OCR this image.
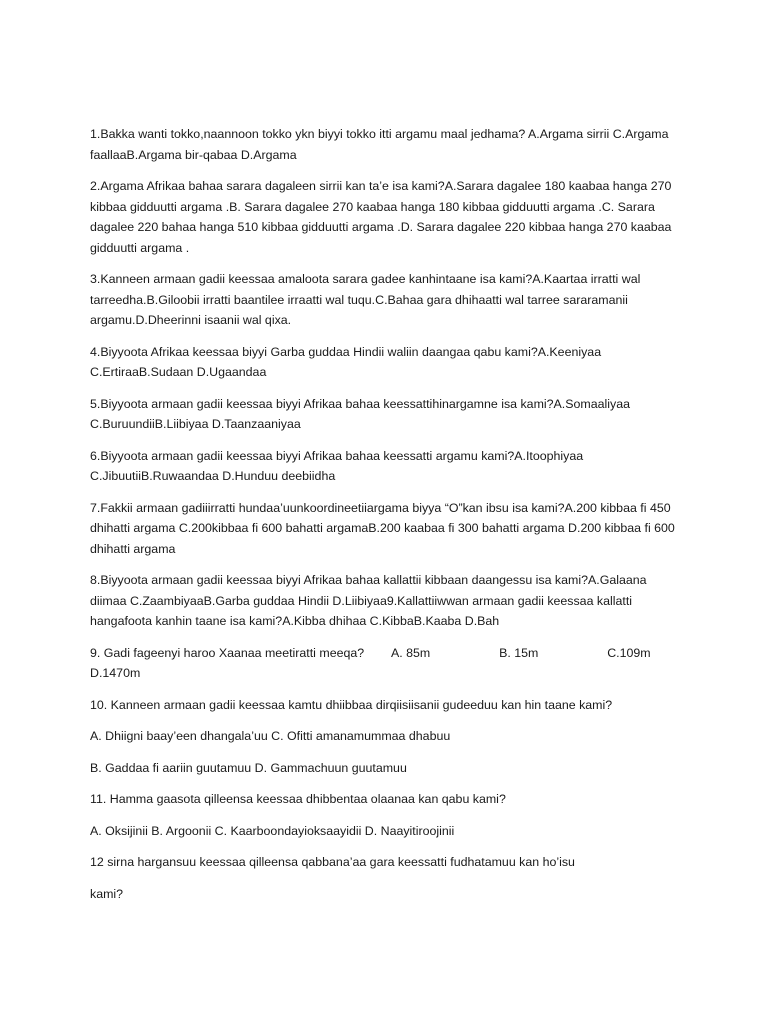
1.Bakka wanti tokko,naannoon tokko ykn biyyi tokko itti argamu maal jedhama? A.Argama sirrii C.Argama faallaaB.Argama bir-qabaa D.Argama

2.Argama Afrikaa bahaa sarara dagaleen sirrii kan ta’e isa kami?A.Sarara dagalee 180 kaabaa hanga 270 kibbaa gidduutti argama .B. Sarara dagalee 270 kaabaa hanga 180 kibbaa gidduutti argama .C. Sarara dagalee 220 bahaa hanga 510 kibbaa gidduutti argama .D. Sarara dagalee 220 kibbaa hanga 270 kaabaa gidduutti argama .

3.Kanneen armaan gadii keessaa amaloota sarara gadee kanhintaane isa kami?A.Kaartaa irratti wal tarreedha.B.Giloobii irratti baantilee irraatti wal tuqu.C.Bahaa gara dhihaatti wal tarree sararamanii argamu.D.Dheerinni isaanii wal qixa.

4.Biyyoota Afrikaa keessaa biyyi Garba guddaa Hindii waliin daangaa qabu kami?A.Keeniyaa C.ErtiraaB.Sudaan D.Ugaandaa

5.Biyyoota armaan gadii keessaa biyyi Afrikaa bahaa keessattihinargamne isa kami?A.Somaaliyaa C.BuruundiiB.Liibiyaa D.Taanzaaniyaa

6.Biyyoota armaan gadii keessaa biyyi Afrikaa bahaa keessatti argamu kami?A.Itoophiyaa C.JibuutiiB.Ruwaandaa D.Hunduu deebiidha

7.Fakkii armaan gadiiirratti hundaa’uunkoordineetiiargama biyya “O”kan ibsu isa kami?A.200 kibbaa fi 450 dhihatti argama C.200kibbaa fi 600 bahatti argamaB.200 kaabaa fi 300 bahatti argama D.200 kibbaa fi 600 dhihatti argama

8.Biyyoota armaan gadii keessaa biyyi Afrikaa bahaa kallattii kibbaan daangessu isa kami?A.Galaana diimaa C.ZaambiyaaB.Garba guddaa Hindii D.Liibiyaa9.Kallattiiwwan armaan gadii keessaa kallatti hangafoota kanhin taane isa kami?A.Kibba dhihaa C.KibbaB.Kaaba D.Bah

9. Gadi fageenyi haroo Xaanaa meetiratti meeqa?        A. 85m                    B. 15m                    C.109m D.1470m

10. Kanneen armaan gadii keessaa kamtu dhiibbaa dirqiisiisanii gudeeduu kan hin taane kami?

A. Dhiigni baay’een dhangala’uu C. Ofitti amanamummaa dhabuu

B. Gaddaa fi aariin guutamuu D. Gammachuun guutamuu

11. Hamma gaasota qilleensa keessaa dhibbentaa olaanaa kan qabu kami?

A. Oksijinii B. Argoonii C. Kaarboondayioksaayidii D. Naayitiroojinii

12 sirna hargansuu keessaa qilleensa qabbana’aa gara keessatti fudhatamuu kan ho’isu

kami?
